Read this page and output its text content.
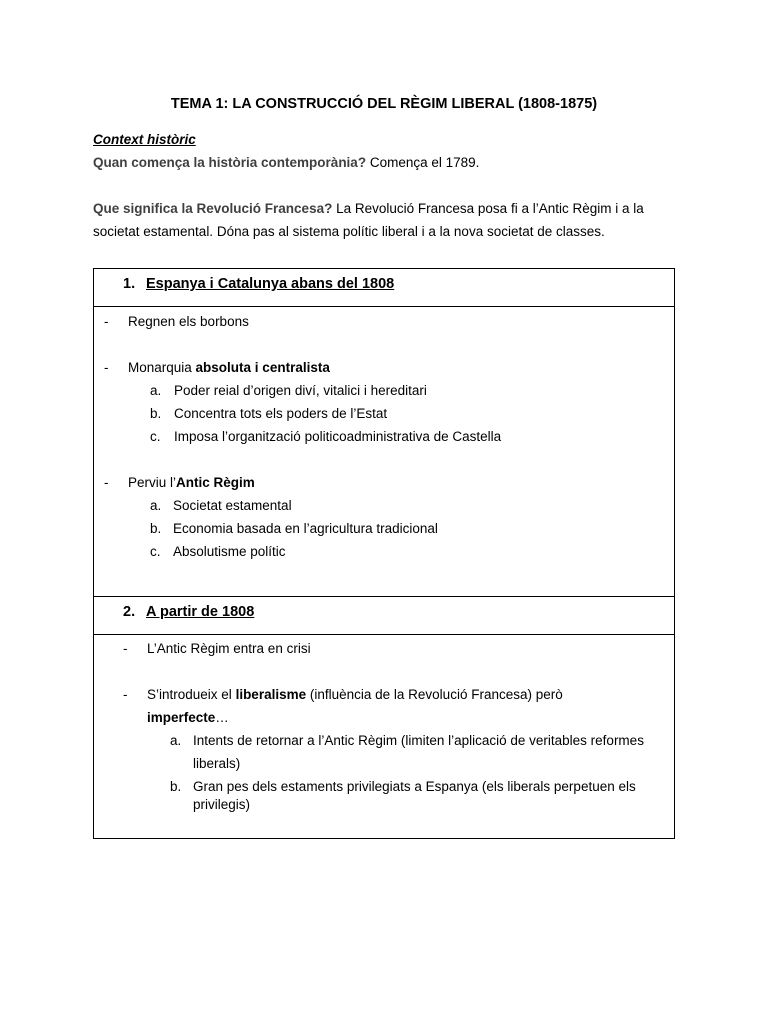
TEMA 1: LA CONSTRUCCIÓ DEL RÈGIM LIBERAL (1808-1875)
Context històric
Quan comença la història contemporània? Comença el 1789.
Que significa la Revolució Francesa? La Revolució Francesa posa fi a l’Antic Règim i a la societat estamental. Dóna pas al sistema polític liberal i a la nova societat de classes.
1. Espanya i Catalunya abans del 1808
- Regnen els borbons
- Monarquia absoluta i centralista
a. Poder reial d’origen diví, vitalici i hereditari
b. Concentra tots els poders de l’Estat
c. Imposa l’organització politicoadministrativa de Castella
- Perviu l’Antic Règim
a. Societat estamental
b. Economia basada en l’agricultura tradicional
c. Absolutisme polític
2. A partir de 1808
- L’Antic Règim entra en crisi
- S’introdueix el liberalisme (influència de la Revolució Francesa) però
imperfecte…
a. Intents de retornar a l’Antic Règim (limiten l’aplicació de veritables reformes
liberals)
b. Gran pes dels estaments privilegiats a Espanya (els liberals perpetuen els
privilegis)
